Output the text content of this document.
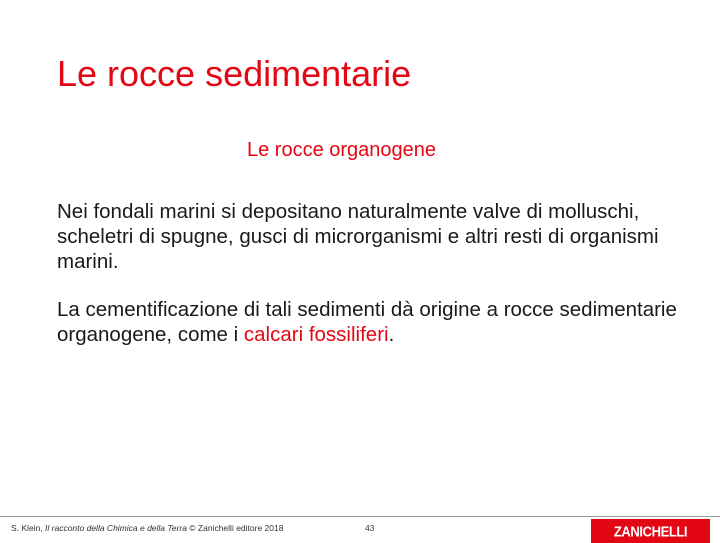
Le rocce sedimentarie
Le rocce organogene

Nei fondali marini si depositano naturalmente valve di molluschi, scheletri di spugne, gusci di microrganismi e altri resti di organismi marini.

La cementificazione di tali sedimenti dà origine a rocce sedimentarie organogene, come i calcari fossiliferi.

S. Klein, Il racconto della Chimica e della Terra © Zanichelli editore 2018	43	ZANICHELLI
